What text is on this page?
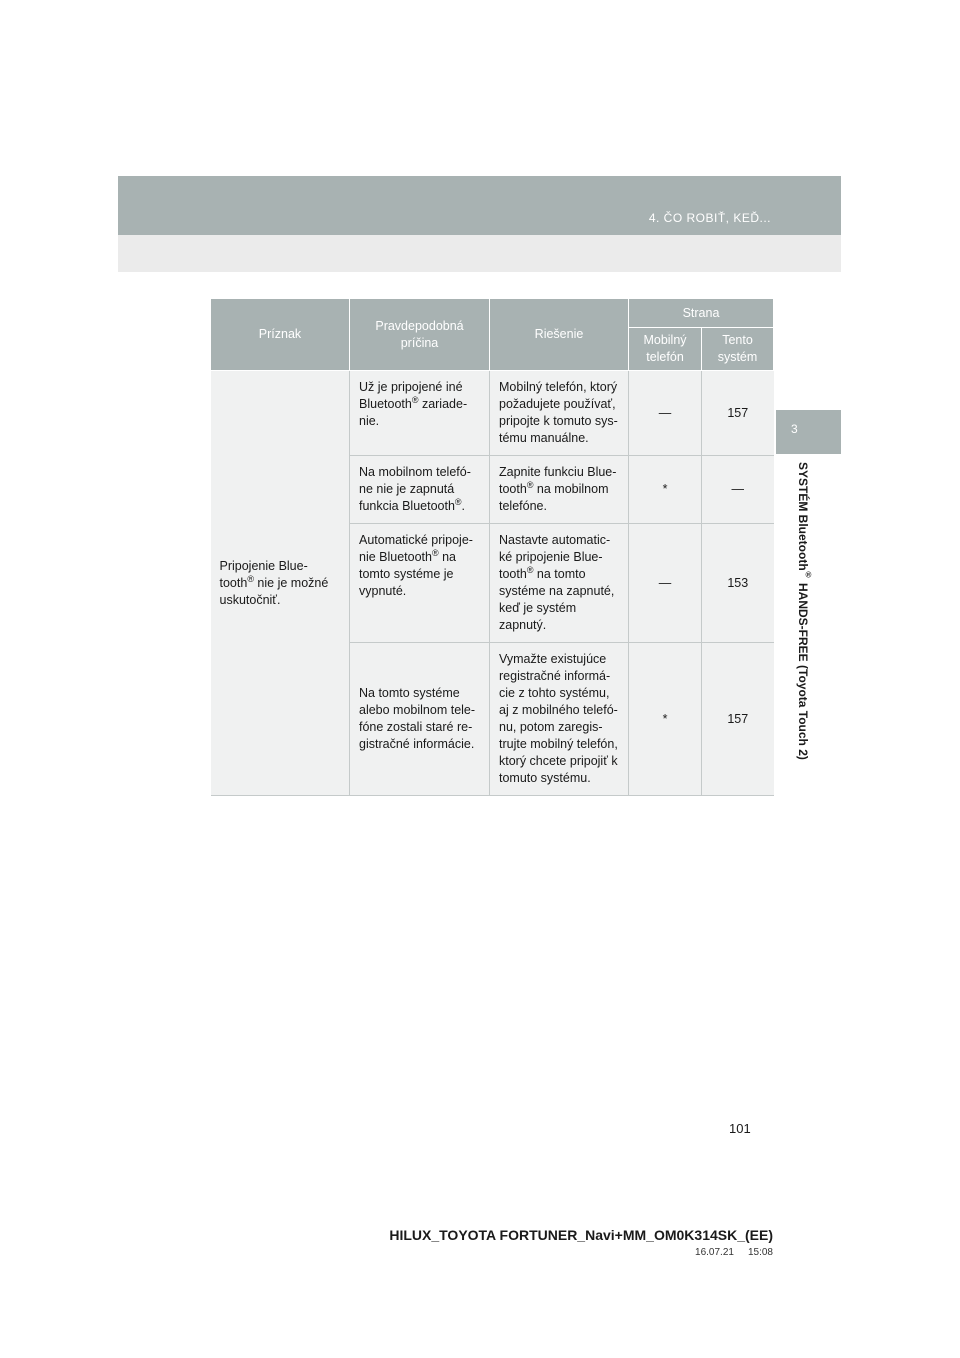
4. ČO ROBIŤ, KEĎ...
3
SYSTÉM Bluetooth® HANDS-FREE (Toyota Touch 2)
Príznak	Pravdepodobná príčina	Riešenie	Strana	
			Mobilný telefón	Tento systém
Pripojenie Blue-tooth® nie je možné uskutočniť.	Už je pripojené iné Bluetooth® zariade-nie.	Mobilný telefón, ktorý požadujete používať, pripojte k tomuto sys-tému manuálne.	—	157
	Na mobilnom telefó-ne nie je zapnutá funkcia Bluetooth®.	Zapnite funkciu Blue-tooth® na mobilnom telefóne.	*	—
	Automatické pripoje-nie Bluetooth® na tomto systéme je vypnuté.	Nastavte automatic-ké pripojenie Blue-tooth® na tomto systéme na zapnuté, keď je systém zapnutý.	—	153
	Na tomto systéme alebo mobilnom tele-fóne zostali staré re-gistračné informácie.	Vymažte existujúce registračné informá-cie z tohto systému, aj z mobilného telefó-nu, potom zaregis-trujte mobilný telefón, ktorý chcete pripojiť k tomuto systému.	*	157
101
HILUX_TOYOTA FORTUNER_Navi+MM_OM0K314SK_(EE)
16.07.21 15:08
